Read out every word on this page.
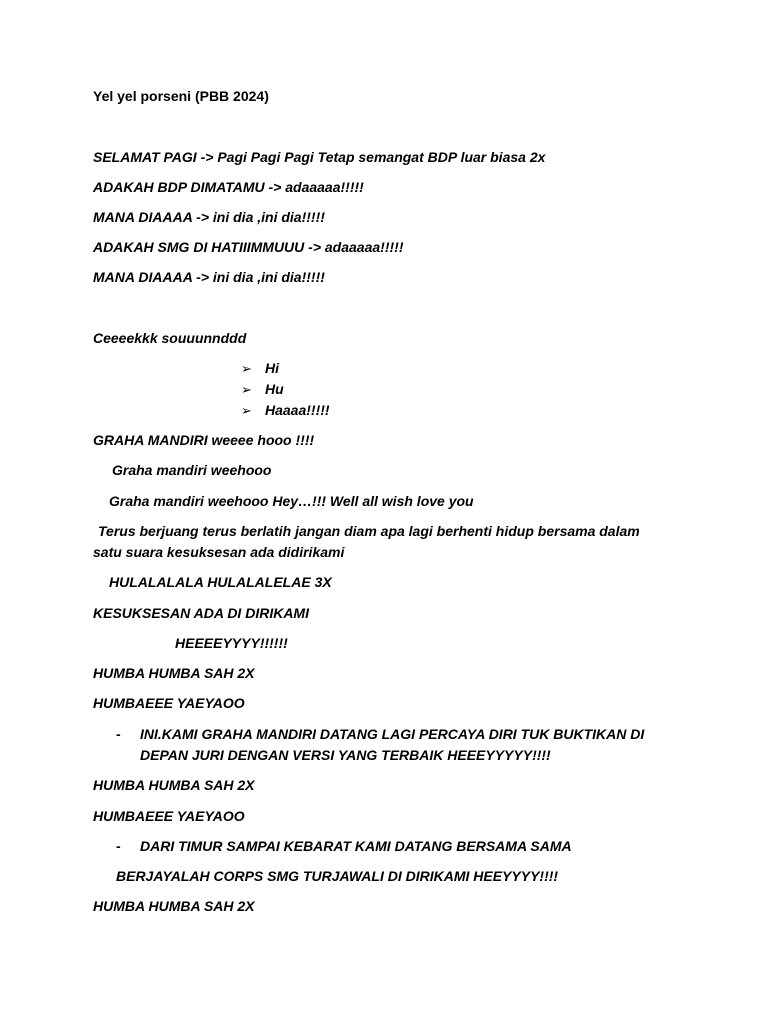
Yel yel porseni (PBB 2024)
SELAMAT PAGI -> Pagi Pagi Pagi Tetap semangat BDP luar biasa 2x
ADAKAH BDP DIMATAMU -> adaaaaa!!!!!
MANA DIAAAA -> ini dia ,ini dia!!!!!
ADAKAH SMG DI HATIIIMMUUU -> adaaaaa!!!!!
MANA DIAAAA -> ini dia ,ini dia!!!!!
Ceeeekkk souuunnddd
➢ Hi
➢ Hu
➢ Haaaa!!!!!
GRAHA MANDIRI weeee hooo !!!!
Graha mandiri weehooo
Graha mandiri weehooo Hey…!!! Well all wish love you
Terus berjuang terus berlatih jangan diam apa lagi berhenti hidup bersama dalam
satu suara kesuksesan ada didirikami
HULALALALA HULALALELAE 3X
KESUKSESAN ADA DI DIRIKAMI
HEEEEYYYY!!!!!!
HUMBA HUMBA SAH 2X
HUMBAEEE YAEYAOO
- INI.KAMI GRAHA MANDIRI DATANG LAGI PERCAYA DIRI TUK BUKTIKAN DI
DEPAN JURI DENGAN VERSI YANG TERBAIK HEEEYYYYY!!!!
HUMBA HUMBA SAH 2X
HUMBAEEE YAEYAOO
- DARI TIMUR SAMPAI KEBARAT KAMI DATANG BERSAMA SAMA
BERJAYALAH CORPS SMG TURJAWALI DI DIRIKAMI HEEYYYY!!!!
HUMBA HUMBA SAH 2X
